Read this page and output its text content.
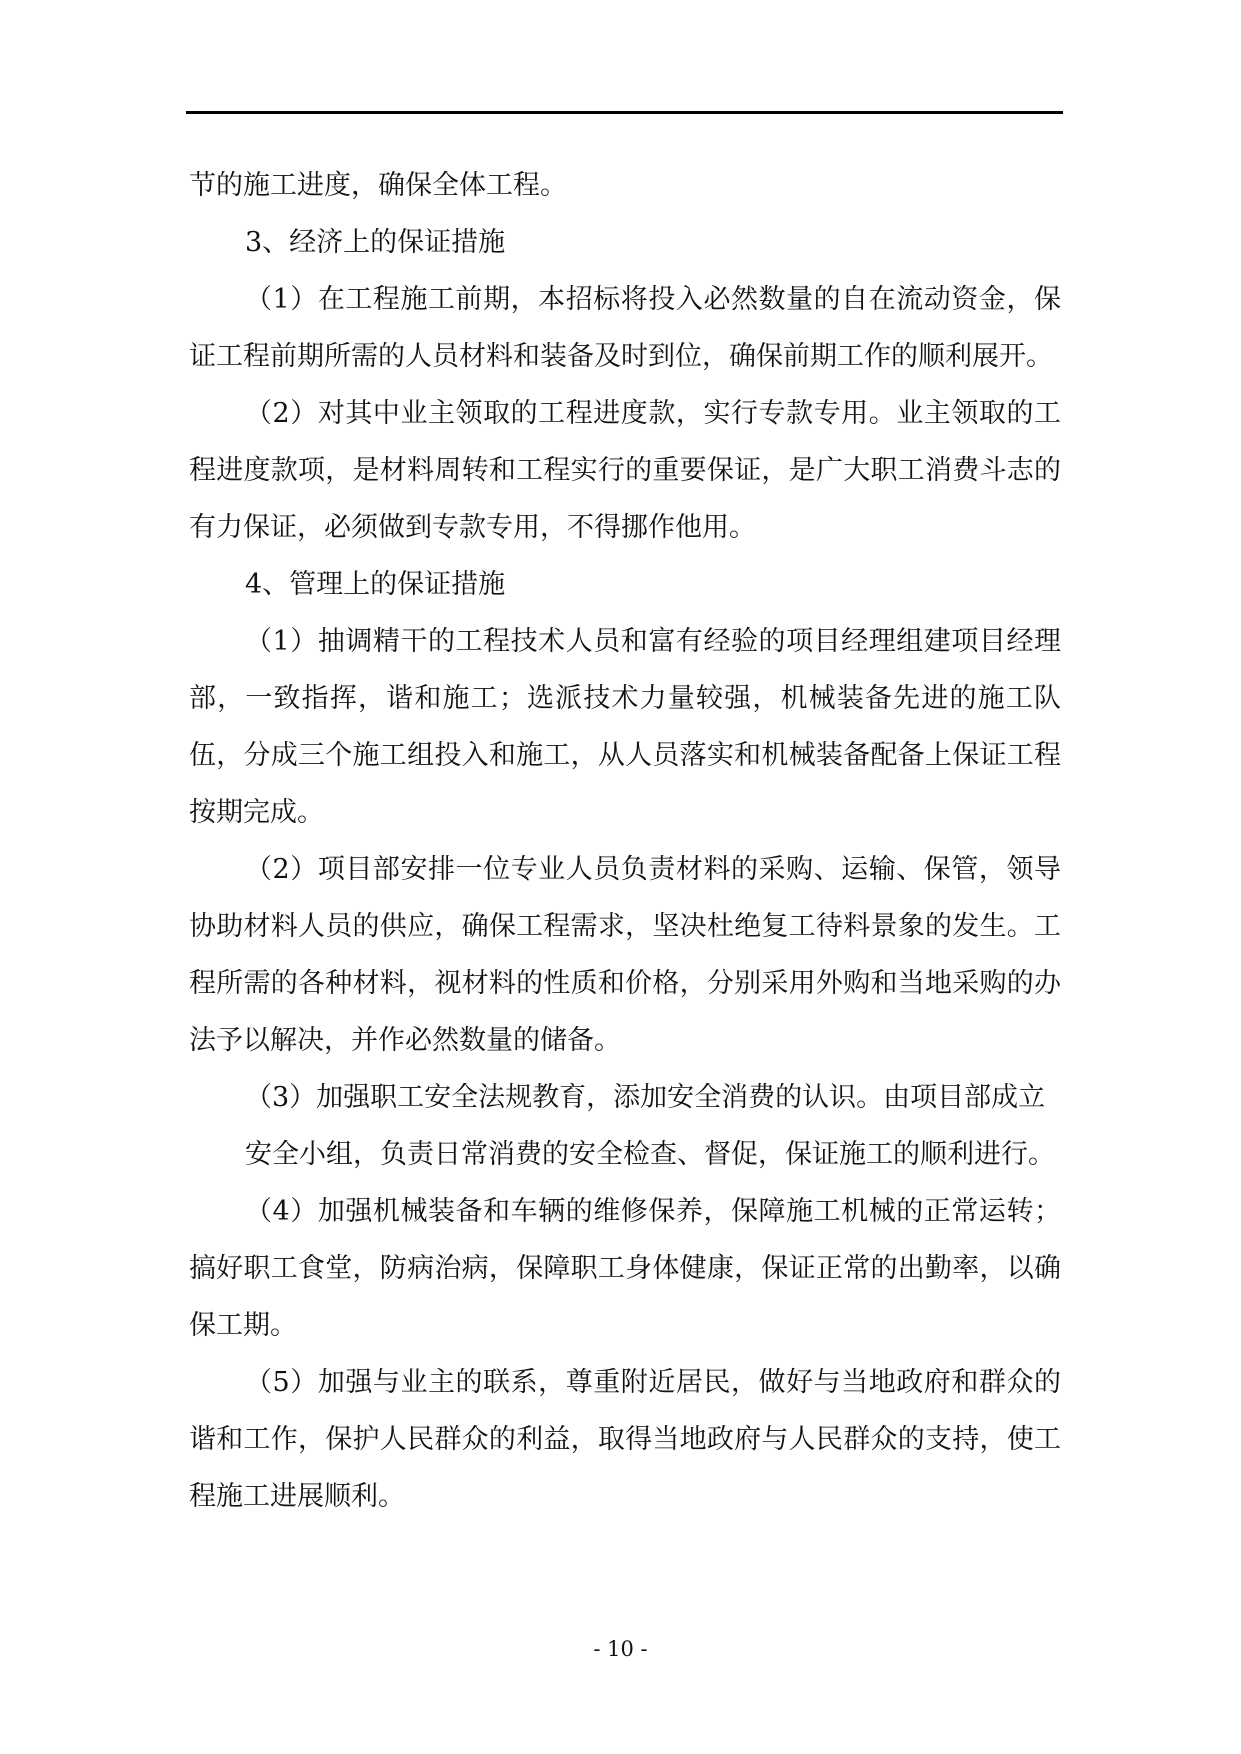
节的施工进度，确保全体工程。

3、经济上的保证措施

（1）在工程施工前期，本招标将投入必然数量的自在流动资金，保证工程前期所需的人员材料和装备及时到位，确保前期工作的顺利展开。

（2）对其中业主领取的工程进度款，实行专款专用。业主领取的工程进度款项，是材料周转和工程实行的重要保证，是广大职工消费斗志的有力保证，必须做到专款专用，不得挪作他用。

4、管理上的保证措施

（1）抽调精干的工程技术人员和富有经验的项目经理组建项目经理部，一致指挥，谐和施工；选派技术力量较强，机械装备先进的施工队伍，分成三个施工组投入和施工，从人员落实和机械装备配备上保证工程按期完成。

（2）项目部安排一位专业人员负责材料的采购、运输、保管，领导协助材料人员的供应，确保工程需求，坚决杜绝复工待料景象的发生。工程所需的各种材料，视材料的性质和价格，分别采用外购和当地采购的办法予以解决，并作必然数量的储备。

（3）加强职工安全法规教育，添加安全消费的认识。由项目部成立

安全小组，负责日常消费的安全检查、督促，保证施工的顺利进行。

（4）加强机械装备和车辆的维修保养，保障施工机械的正常运转；搞好职工食堂，防病治病，保障职工身体健康，保证正常的出勤率，以确保工期。

（5）加强与业主的联系，尊重附近居民，做好与当地政府和群众的谐和工作，保护人民群众的利益，取得当地政府与人民群众的支持，使工程施工进展顺利。

- 10 -
